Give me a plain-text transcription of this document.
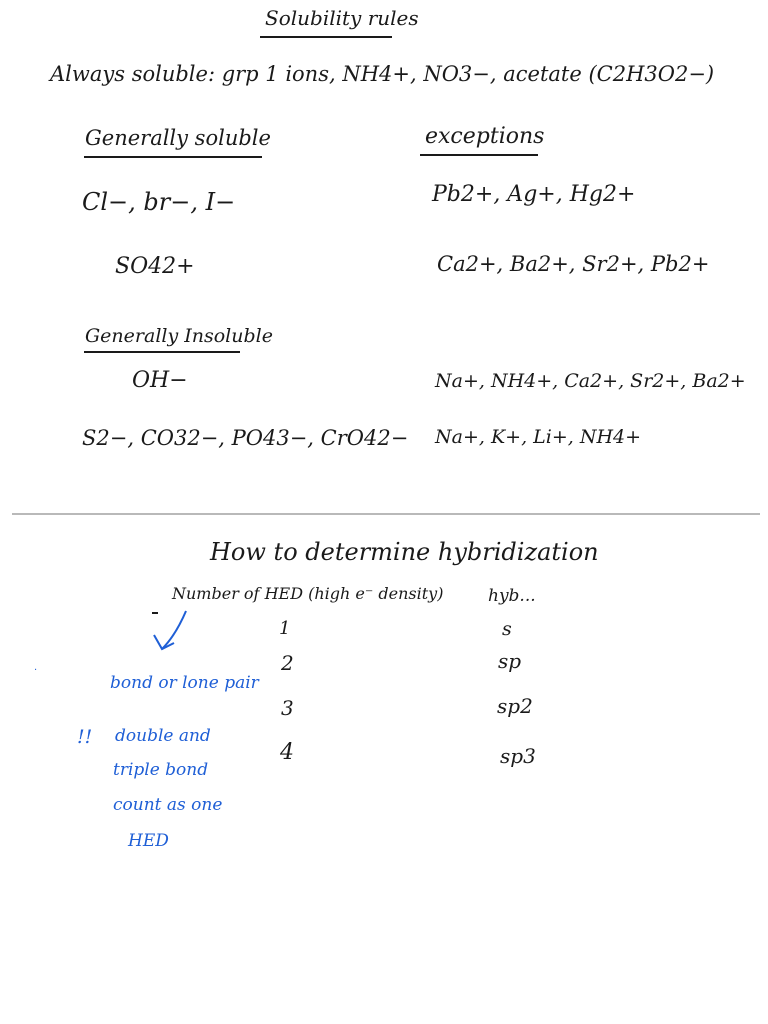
Solubility rules
Always soluble: grp 1 ions, NH4+, NO3−, acetate (C2H3O2−)
Generally soluble	exceptions
Cl−, br−, I−	Pb2+, Ag+, Hg2+
SO42+	Ca2+, Ba2+, Sr2+, Pb2+
Generally Insoluble
OH−	Na+, NH4+, Ca2+, Sr2+, Ba2+
S2−, CO32−, PO43−, CrO42− Na+, K+, Li+, NH4+
How to determine hybridization
Number of HED (high e⁻ density)	hyb...
1	s
2	sp
3	sp2
4	sp3
·
bond or lone pair
!! double and
triple bond
count as one
HED
